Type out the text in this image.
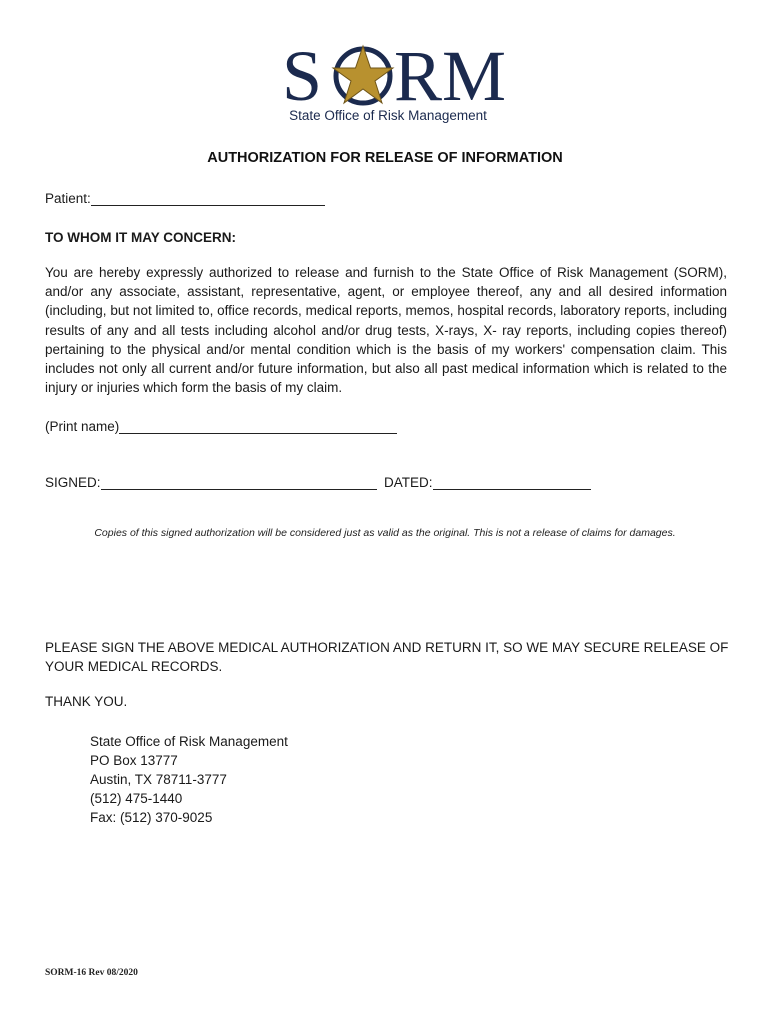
S RM
State Office of Risk Management
AUTHORIZATION FOR RELEASE OF INFORMATION
Patient:
TO WHOM IT MAY CONCERN:
You are hereby expressly authorized to release and furnish to the State Office of Risk Management (SORM), and/or any associate, assistant, representative, agent, or employee thereof, any and all desired information (including, but not limited to, office records, medical reports, memos, hospital records, laboratory reports, including results of any and all tests including alcohol and/or drug tests, X-rays, X- ray reports, including copies thereof) pertaining to the physical and/or mental condition which is the basis of my workers' compensation claim. This includes not only all current and/or future information, but also all past medical information which is related to the injury or injuries which form the basis of my claim.
(Print name)
SIGNED:	DATED:
Copies of this signed authorization will be considered just as valid as the original. This is not a release of claims for damages.
PLEASE SIGN THE ABOVE MEDICAL AUTHORIZATION AND RETURN IT, SO WE MAY SECURE RELEASE OF YOUR MEDICAL RECORDS.
THANK YOU.
State Office of Risk Management
PO Box 13777
Austin, TX 78711-3777
(512) 475-1440
Fax: (512) 370-9025
SORM-16 Rev 08/2020
